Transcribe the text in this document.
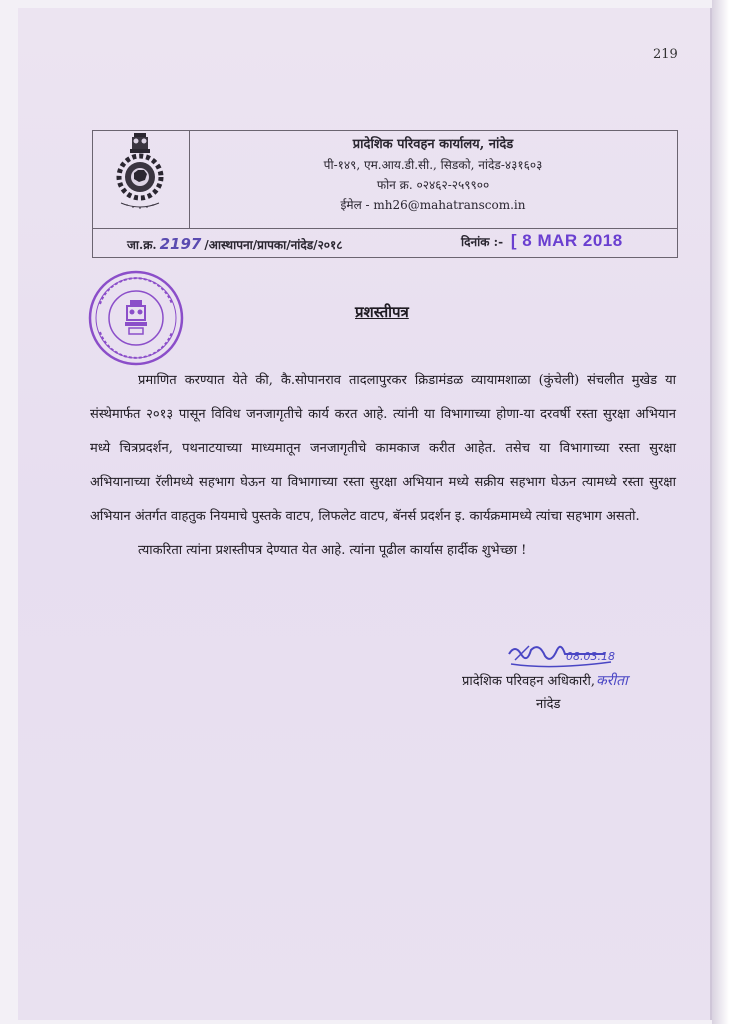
219
प्रादेशिक परिवहन कार्यालय, नांदेड
पी-१४९, एम.आय.डी.सी., सिडको, नांदेड-४३१६०३
फोन क्र. ०२४६२-२५९९००
ईमेल - mh26@mahatranscom.in
जा.क्र. 2197 /आस्थापना/प्रापका/नांदेड/२०१८	दिनांक :- [ 8 MAR 2018
प्रशस्तीपत्र

प्रमाणित करण्यात येते की, कै.सोपानराव तादलापुरकर क्रिडामंडळ व्यायामशाळा (कुंचेली) संचलीत मुखेड या संस्थेमार्फत २०१३ पासून विविध जनजागृतीचे कार्य करत आहे. त्यांनी या विभागाच्या होणा-या दरवर्षी रस्ता सुरक्षा अभियान मध्ये चित्रप्रदर्शन, पथनाटयाच्या माध्यमातून जनजागृतीचे कामकाज करीत आहेत. तसेच या विभागाच्या रस्ता सुरक्षा अभियानाच्या रॅलीमध्ये सहभाग घेऊन या विभागाच्या रस्ता सुरक्षा अभियान मध्ये सक्रीय सहभाग घेऊन त्यामध्ये रस्ता सुरक्षा अभियान अंतर्गत वाहतुक नियमाचे पुस्तके वाटप, लिफलेट वाटप, बॅनर्स प्रदर्शन इ. कार्यक्रमामध्ये त्यांचा सहभाग असतो.

त्याकरिता त्यांना प्रशस्तीपत्र देण्यात येत आहे. त्यांना पूढील कार्यास हार्दीक शुभेच्छा !

08.03.18
प्रादेशिक परिवहन अधिकारी,करीता
नांदेड
